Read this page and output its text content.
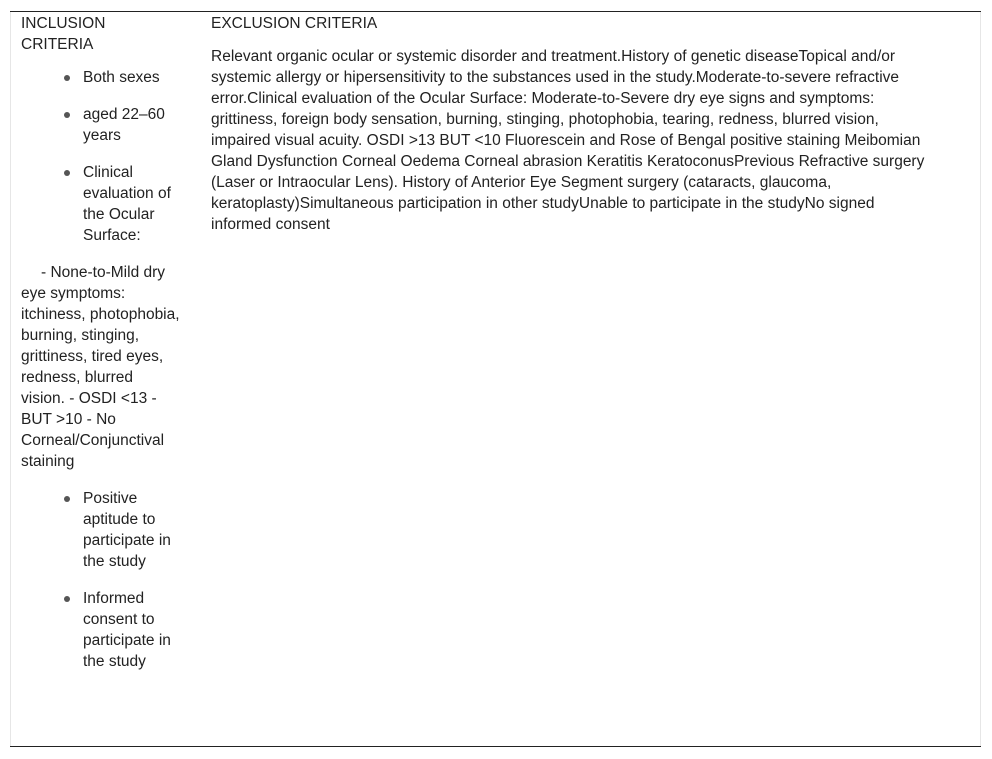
INCLUSION CRITERIA
Both sexes
aged 22–60 years
Clinical evaluation of the Ocular Surface:

- None-to-Mild dry eye symptoms: itchiness, photophobia, burning, stinging, grittiness, tired eyes, redness, blurred vision. - OSDI <13 - BUT >10 - No Corneal/Conjunctival staining

Positive aptitude to participate in the study
Informed consent to participate in the study
EXCLUSION CRITERIA

Relevant organic ocular or systemic disorder and treatment.History of genetic diseaseTopical and/or systemic allergy or hipersensitivity to the substances used in the study.Moderate-to-severe refractive error.Clinical evaluation of the Ocular Surface: Moderate-to-Severe dry eye signs and symptoms: grittiness, foreign body sensation, burning, stinging, photophobia, tearing, redness, blurred vision, impaired visual acuity. OSDI >13 BUT <10 Fluorescein and Rose of Bengal positive staining Meibomian Gland Dysfunction Corneal Oedema Corneal abrasion Keratitis KeratoconusPrevious Refractive surgery (Laser or Intraocular Lens). History of Anterior Eye Segment surgery (cataracts, glaucoma, keratoplasty)Simultaneous participation in other studyUnable to participate in the studyNo signed informed consent
